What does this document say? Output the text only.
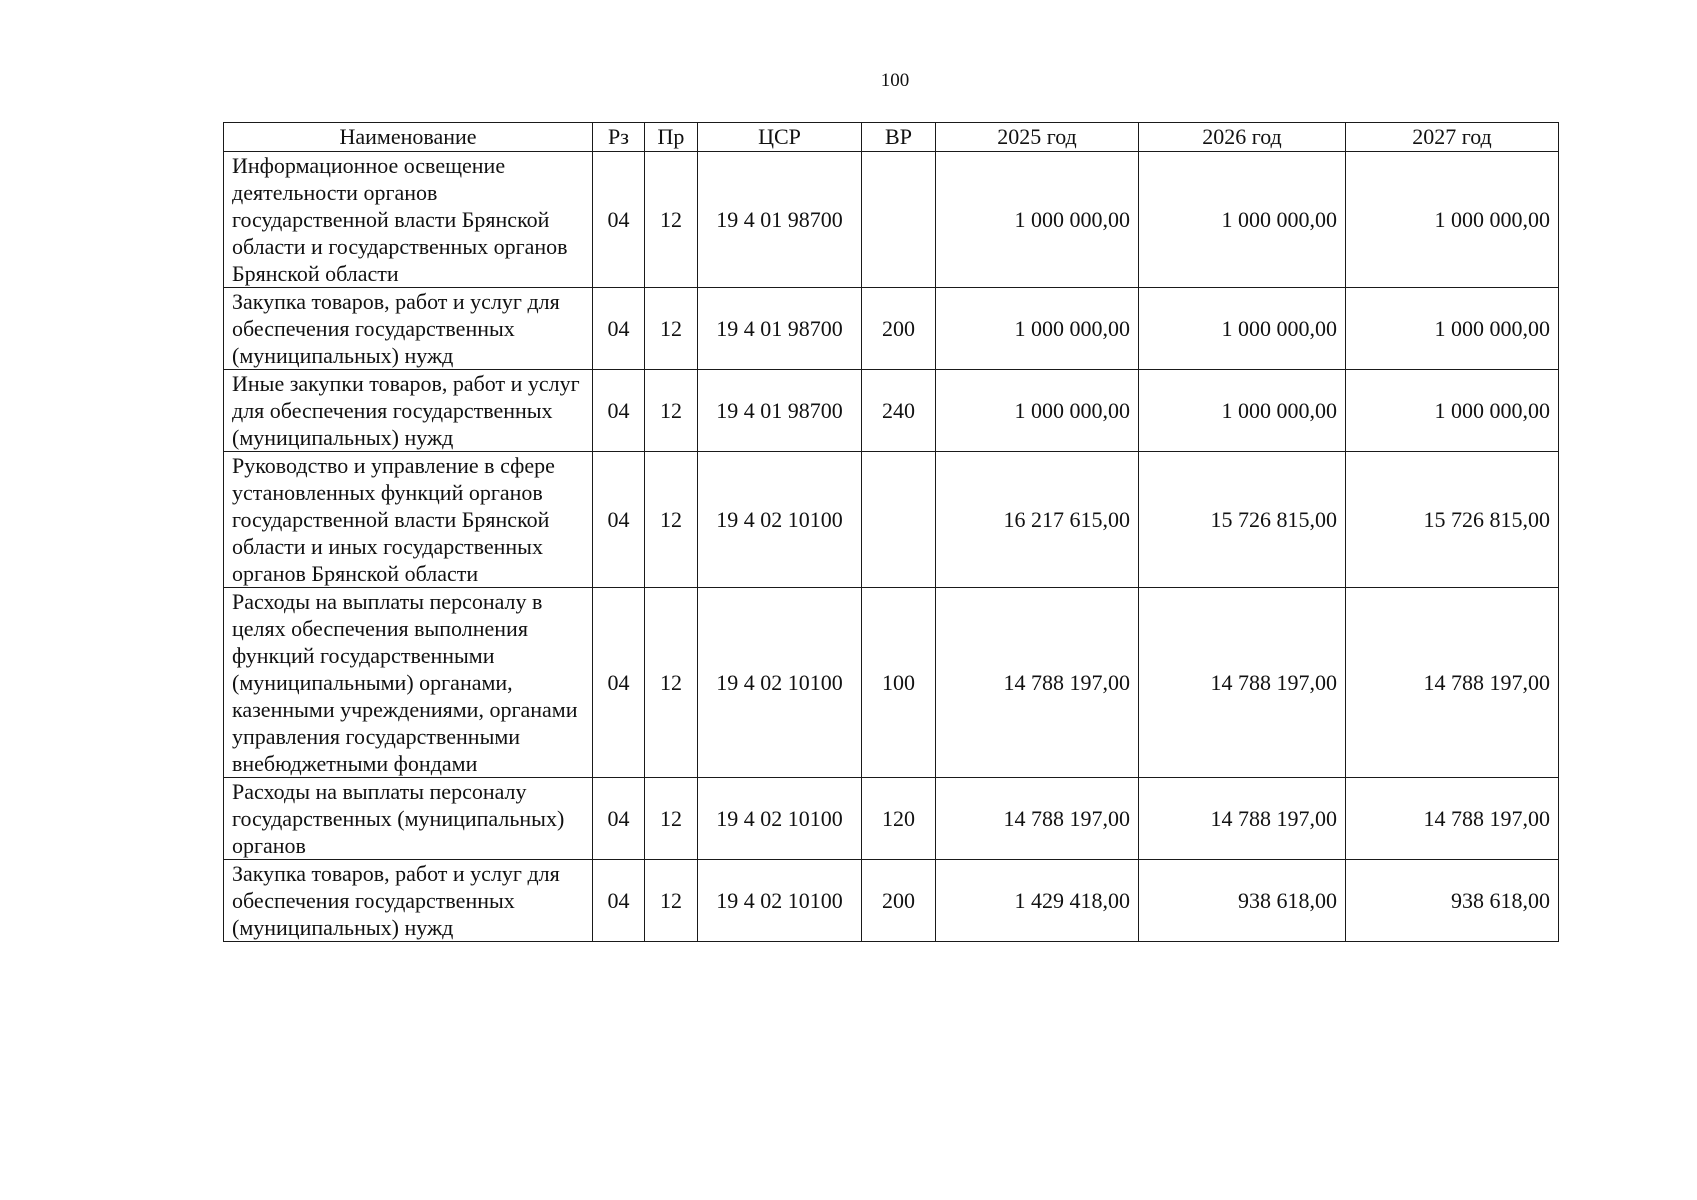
100
Наименование	Рз	Пр	ЦСР	ВР	2025 год	2026 год	2027 год
Информационное освещение деятельности органов государственной власти Брянской области и государственных органов Брянской области	04	12	19 4 01 98700		1 000 000,00	1 000 000,00	1 000 000,00
Закупка товаров, работ и услуг для обеспечения государственных (муниципальных) нужд	04	12	19 4 01 98700	200	1 000 000,00	1 000 000,00	1 000 000,00
Иные закупки товаров, работ и услуг для обеспечения государственных (муниципальных) нужд	04	12	19 4 01 98700	240	1 000 000,00	1 000 000,00	1 000 000,00
Руководство и управление в сфере установленных функций органов государственной власти Брянской области и иных государственных органов Брянской области	04	12	19 4 02 10100		16 217 615,00	15 726 815,00	15 726 815,00
Расходы на выплаты персоналу в целях обеспечения выполнения функций государственными (муниципальными) органами, казенными учреждениями, органами управления государственными внебюджетными фондами	04	12	19 4 02 10100	100	14 788 197,00	14 788 197,00	14 788 197,00
Расходы на выплаты персоналу государственных (муниципальных) органов	04	12	19 4 02 10100	120	14 788 197,00	14 788 197,00	14 788 197,00
Закупка товаров, работ и услуг для обеспечения государственных (муниципальных) нужд	04	12	19 4 02 10100	200	1 429 418,00	938 618,00	938 618,00
